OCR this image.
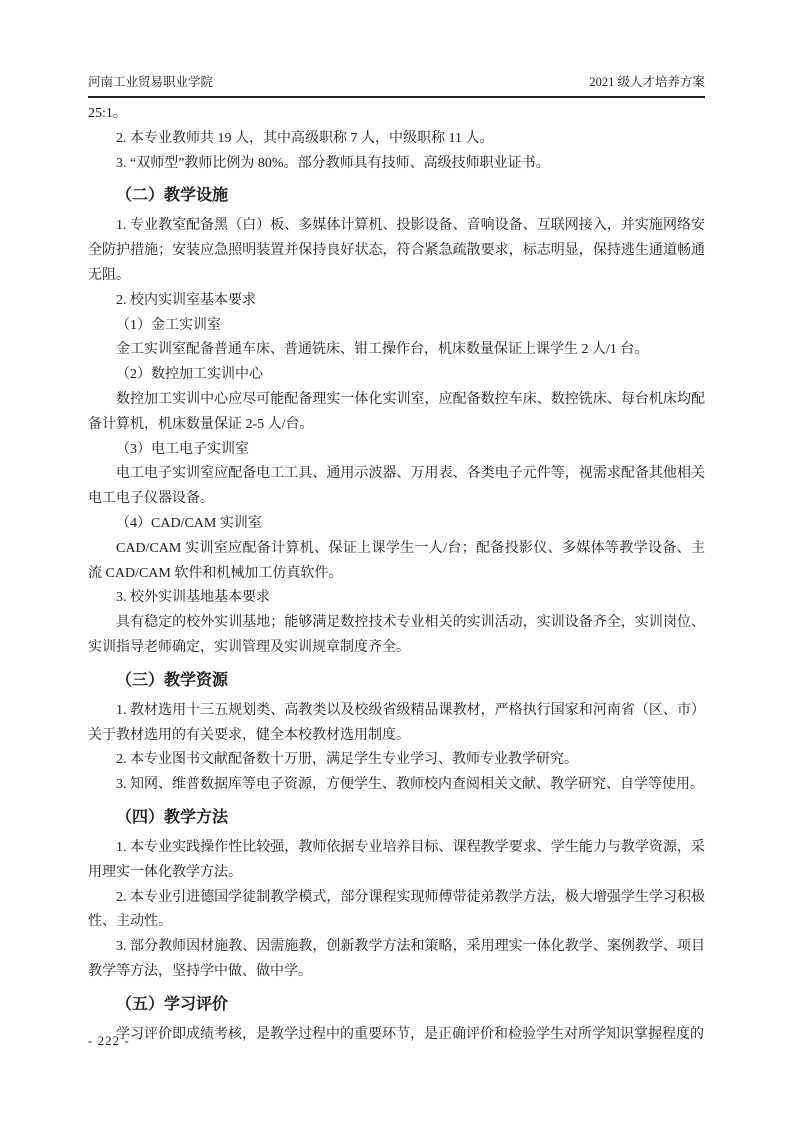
河南工业贸易职业学院	2021 级人才培养方案
25:1。
2. 本专业教师共 19 人，其中高级职称 7 人，中级职称 11 人。
3. “双师型”教师比例为 80%。部分教师具有技师、高级技师职业证书。
（二）教学设施
1. 专业教室配备黑（白）板、多媒体计算机、投影设备、音响设备、互联网接入，并实施网络安全防护措施；安装应急照明装置并保持良好状态，符合紧急疏散要求，标志明显，保持逃生通道畅通无阻。
2. 校内实训室基本要求
（1）金工实训室
金工实训室配备普通车床、普通铣床、钳工操作台，机床数量保证上课学生 2 人/1 台。
（2）数控加工实训中心
数控加工实训中心应尽可能配备理实一体化实训室，应配备数控车床、数控铣床、每台机床均配备计算机，机床数量保证 2-5 人/台。
（3）电工电子实训室
电工电子实训室应配备电工工具、通用示波器、万用表、各类电子元件等，视需求配备其他相关电工电子仪器设备。
（4）CAD/CAM 实训室
CAD/CAM 实训室应配备计算机、保证上课学生一人/台；配备投影仪、多媒体等教学设备、主流 CAD/CAM 软件和机械加工仿真软件。
3. 校外实训基地基本要求
具有稳定的校外实训基地；能够满足数控技术专业相关的实训活动，实训设备齐全，实训岗位、实训指导老师确定，实训管理及实训规章制度齐全。
（三）教学资源
1. 教材选用十三五规划类、高教类以及校级省级精品课教材，严格执行国家和河南省（区、市）关于教材选用的有关要求，健全本校教材选用制度。
2. 本专业图书文献配备数十万册，满足学生专业学习、教师专业教学研究。
3. 知网、维普数据库等电子资源，方便学生、教师校内查阅相关文献、教学研究、自学等使用。
（四）教学方法
1. 本专业实践操作性比较强，教师依据专业培养目标、课程教学要求、学生能力与教学资源，采用理实一体化教学方法。
2. 本专业引进德国学徒制教学模式，部分课程实现师傅带徒弟教学方法，极大增强学生学习积极性、主动性。
3. 部分教师因材施教、因需施教，创新教学方法和策略，采用理实一体化教学、案例教学、项目教学等方法，坚持学中做、做中学。
（五）学习评价
学习评价即成绩考核，是教学过程中的重要环节，是正确评价和检验学生对所学知识掌握程度的
- 222 -
